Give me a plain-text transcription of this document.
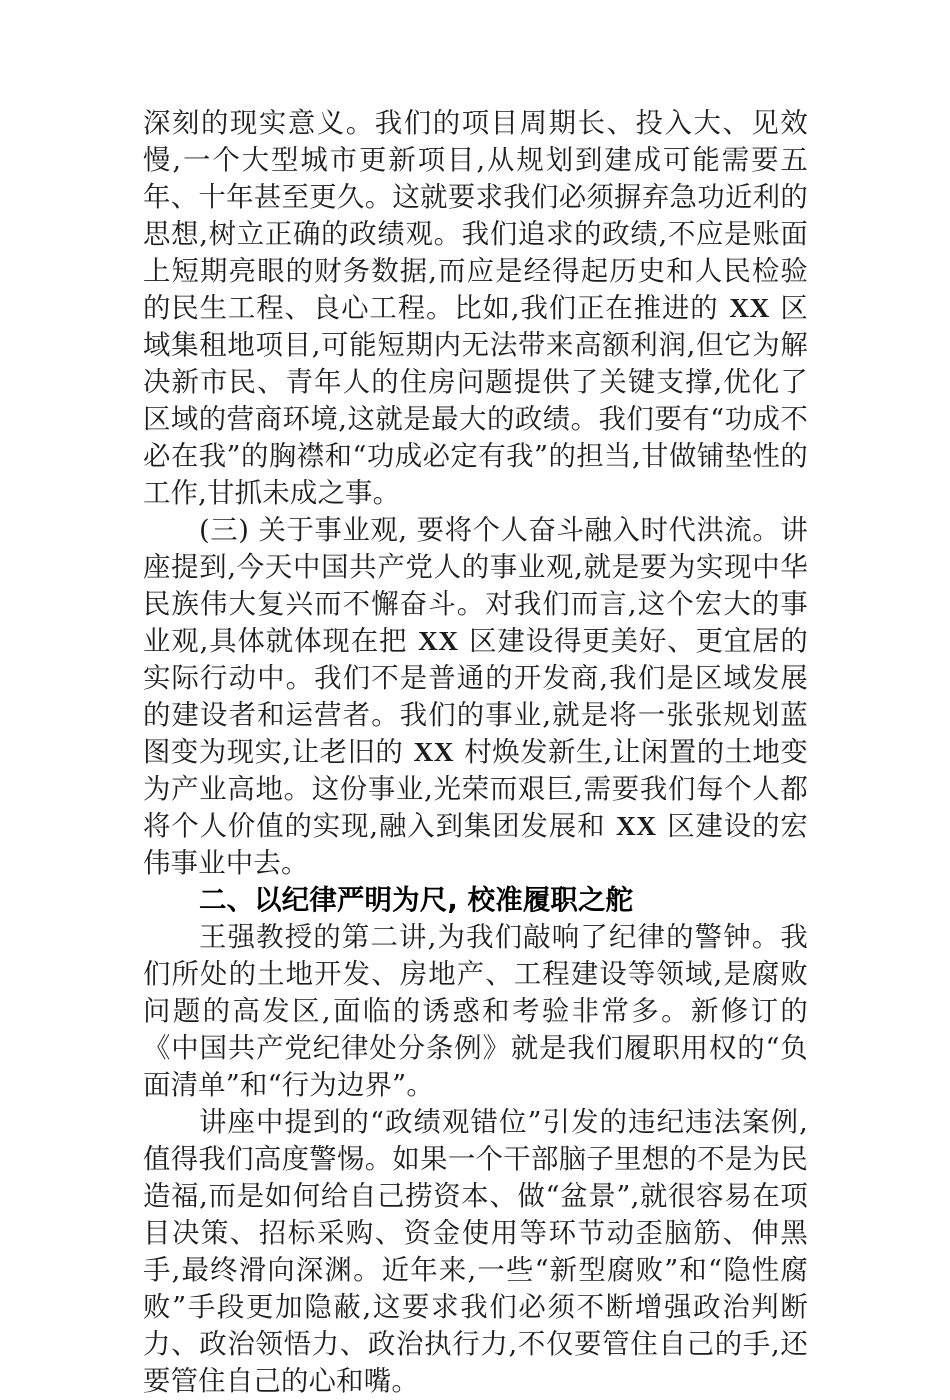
深刻的现实意义。我们的项目周期长、投入大、见效慢,一个大型城市更新项目,从规划到建成可能需要五年、十年甚至更久。这就要求我们必须摒弃急功近利的思想,树立正确的政绩观。我们追求的政绩,不应是账面上短期亮眼的财务数据,而应是经得起历史和人民检验的民生工程、良心工程。比如,我们正在推进的 XX 区域集租地项目,可能短期内无法带来高额利润,但它为解决新市民、青年人的住房问题提供了关键支撑,优化了区域的营商环境,这就是最大的政绩。我们要有“功成不必在我”的胸襟和“功成必定有我”的担当,甘做铺垫性的工作,甘抓未成之事。

(三) 关于事业观, 要将个人奋斗融入时代洪流。讲座提到,今天中国共产党人的事业观,就是要为实现中华民族伟大复兴而不懈奋斗。对我们而言,这个宏大的事业观,具体就体现在把 XX 区建设得更美好、更宜居的实际行动中。我们不是普通的开发商,我们是区域发展的建设者和运营者。我们的事业,就是将一张张规划蓝图变为现实,让老旧的 XX 村焕发新生,让闲置的土地变为产业高地。这份事业,光荣而艰巨,需要我们每个人都将个人价值的实现,融入到集团发展和 XX 区建设的宏伟事业中去。

二、以纪律严明为尺, 校准履职之舵

王强教授的第二讲,为我们敲响了纪律的警钟。我们所处的土地开发、房地产、工程建设等领域,是腐败问题的高发区,面临的诱惑和考验非常多。新修订的《中国共产党纪律处分条例》就是我们履职用权的“负面清单”和“行为边界”。

讲座中提到的“政绩观错位”引发的违纪违法案例,值得我们高度警惕。如果一个干部脑子里想的不是为民造福,而是如何给自己捞资本、做“盆景”,就很容易在项目决策、招标采购、资金使用等环节动歪脑筋、伸黑手,最终滑向深渊。近年来,一些“新型腐败”和“隐性腐败”手段更加隐蔽,这要求我们必须不断增强政治判断力、政治领悟力、政治执行力,不仅要管住自己的手,还要管住自己的心和嘴。
